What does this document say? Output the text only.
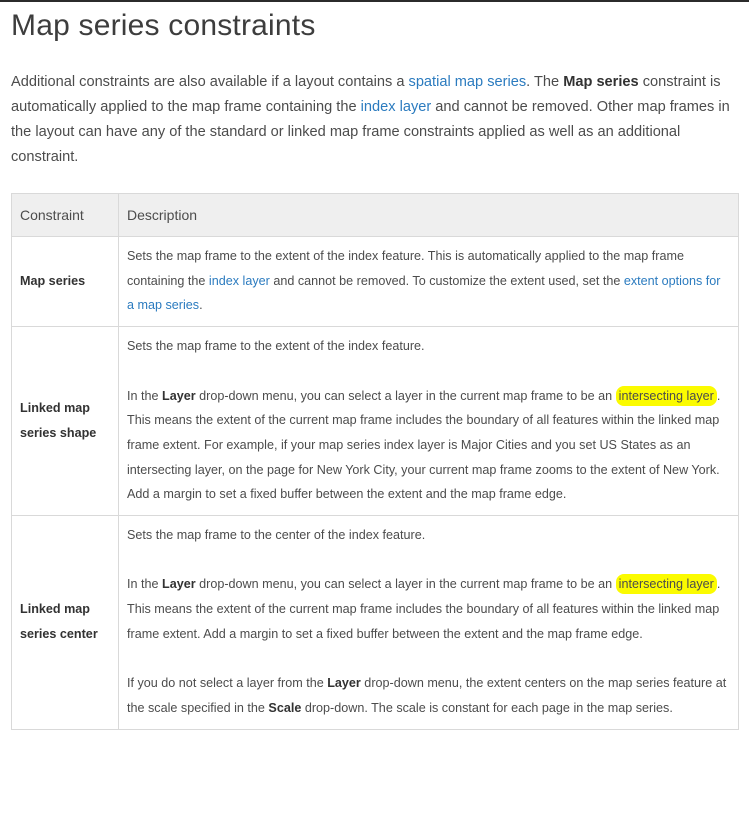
Map series constraints

Additional constraints are also available if a layout contains a spatial map series. The Map series constraint is automatically applied to the map frame containing the index layer and cannot be removed. Other map frames in the layout can have any of the standard or linked map frame constraints applied as well as an additional constraint.

Constraint	Description
Map series	Sets the map frame to the extent of the index feature. This is automatically applied to the map frame containing the index layer and cannot be removed. To customize the extent used, set the extent options for a map series.

Linked map series shape	Sets the map frame to the extent of the index feature.

In the Layer drop-down menu, you can select a layer in the current map frame to be an intersecting layer . This means the extent of the current map frame includes the boundary of all features within the linked map frame extent. For example, if your map series index layer is Major Cities and you set US States as an intersecting layer, on the page for New York City, your current map frame zooms to the extent of New York. Add a margin to set a fixed buffer between the extent and the map frame edge.

Linked map series center	Sets the map frame to the center of the index feature.

In the Layer drop-down menu, you can select a layer in the current map frame to be an intersecting layer . This means the extent of the current map frame includes the boundary of all features within the linked map frame extent. Add a margin to set a fixed buffer between the extent and the map frame edge.

If you do not select a layer from the Layer drop-down menu, the extent centers on the map series feature at the scale specified in the Scale drop-down. The scale is constant for each page in the map series.
